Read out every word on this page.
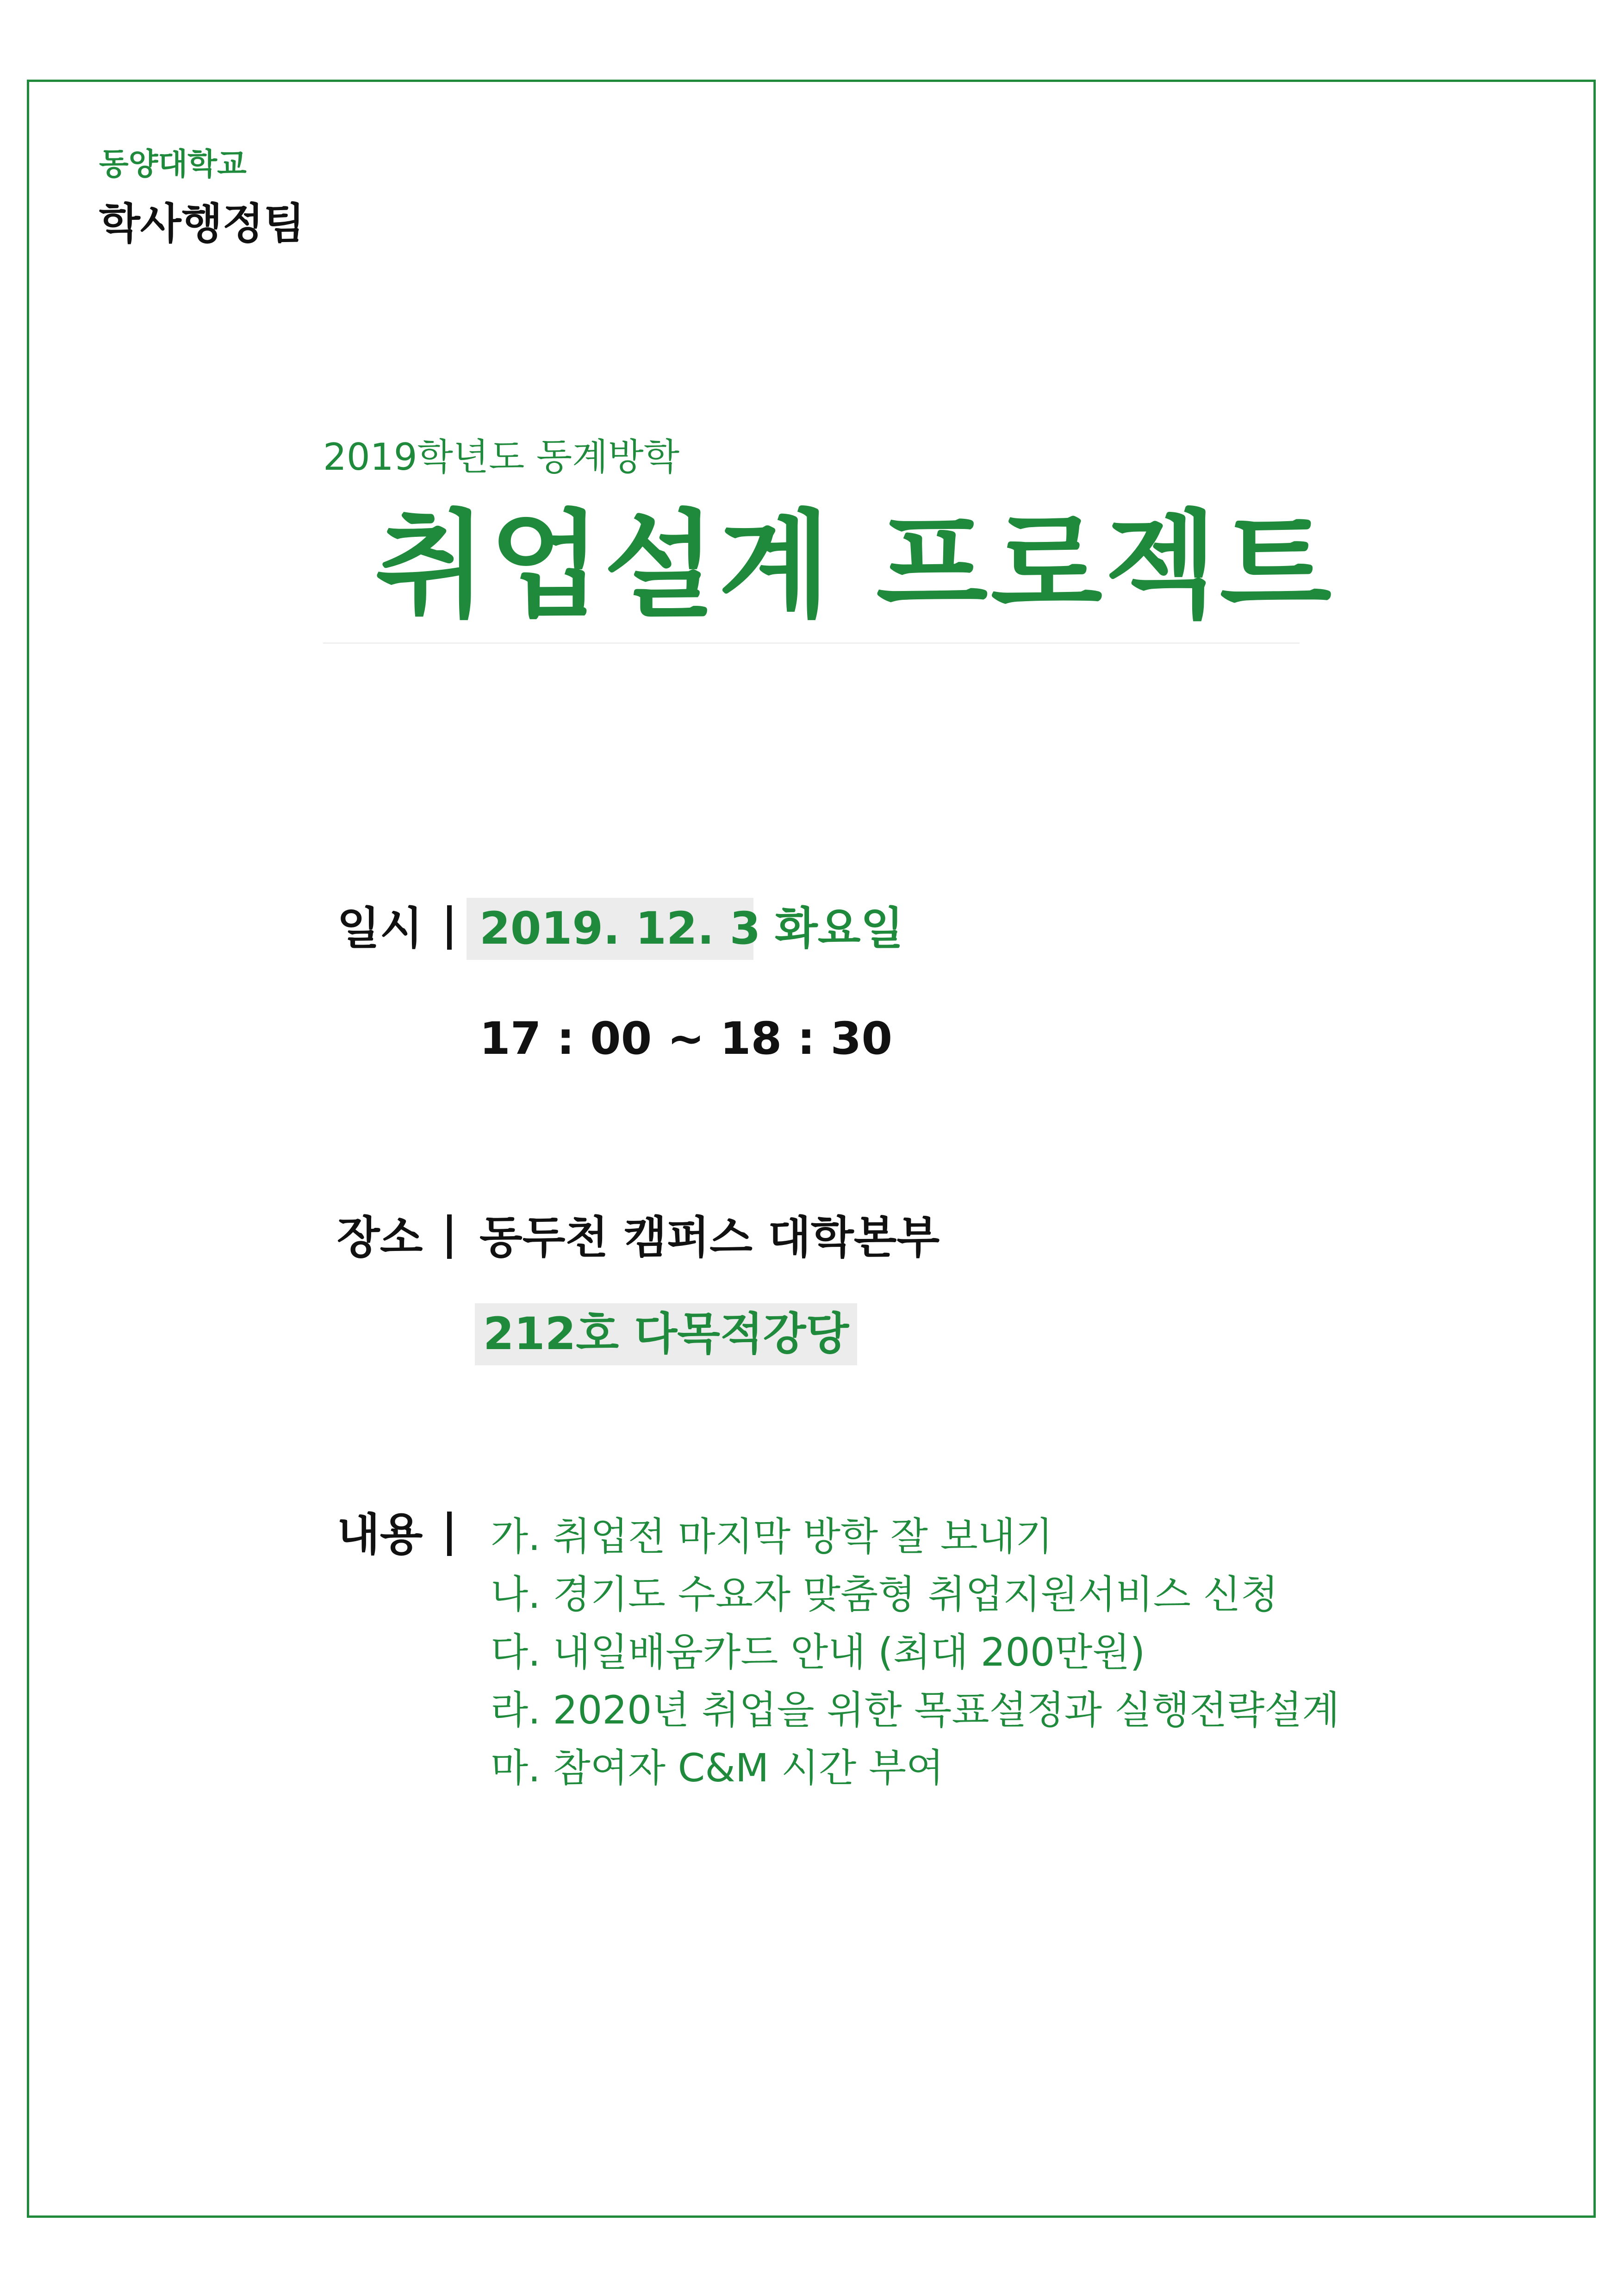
동양대학교
학사행정팀
2019학년도 동계방학
취업설계 프로젝트
일시 2019. 12. 3 화요일
17 : 00 ~ 18 : 30
장소 동두천 캠퍼스 대학본부
212호 다목적강당
내용 가. 취업전 마지막 방학 잘 보내기
나. 경기도 수요자 맞춤형 취업지원서비스 신청
다. 내일배움카드 안내 (최대 200만원)
라. 2020년 취업을 위한 목표설정과 실행전략설계
마. 참여자 C&M 시간 부여
